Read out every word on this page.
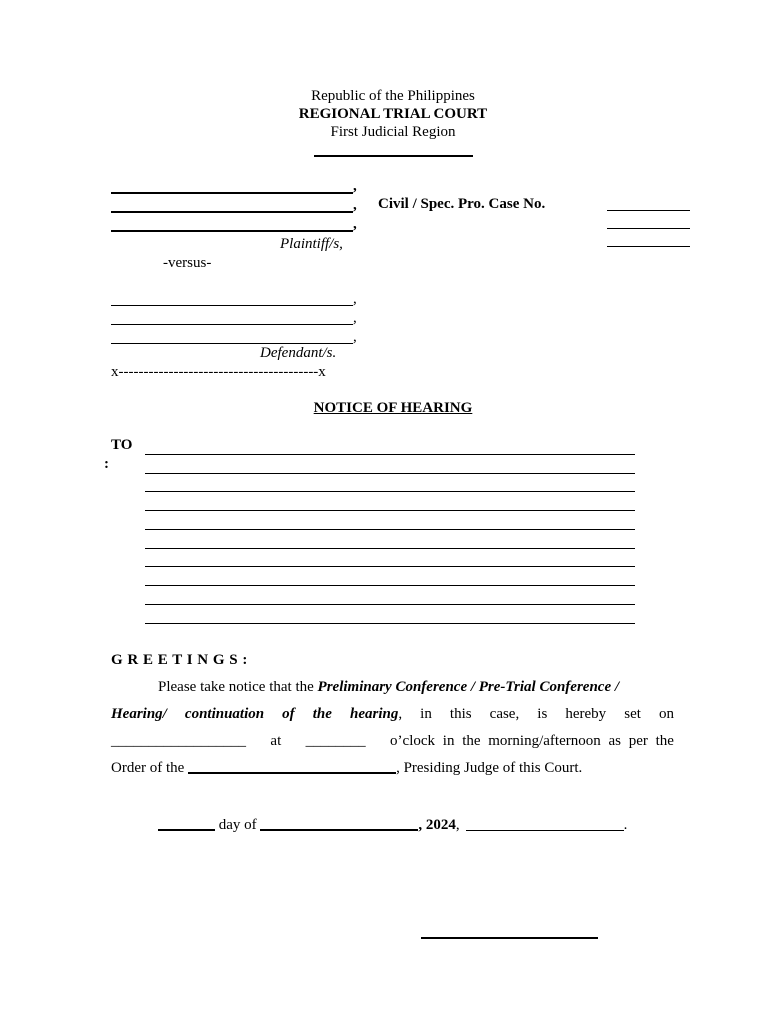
Republic of the Philippines
REGIONAL TRIAL COURT
First Judicial Region
,
,
,
Plaintiff/s,
-versus-
Civil / Spec. Pro. Case No.
,
,
,
Defendant/s.
x----------------------------------------x
NOTICE OF HEARING
TO
:
G R E E T I N G S :
Please take notice that the Preliminary Conference / Pre-Trial Conference /
Hearing/ continuation of the hearing, in this case, is hereby set on
__________________ at ________ o’clock in the morning/afternoon as per the
Order of the	, Presiding Judge of this Court.
day of	, 2024,	.
